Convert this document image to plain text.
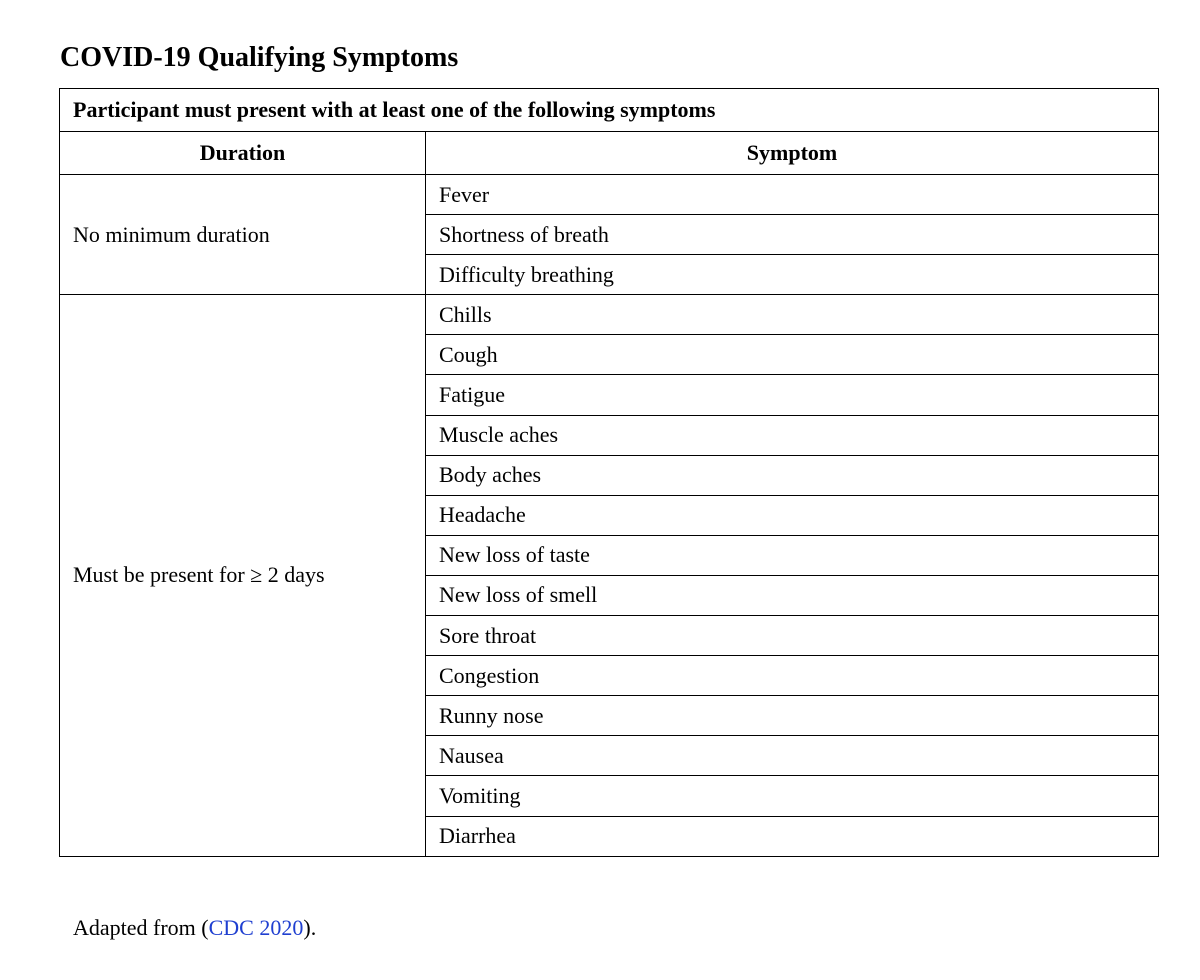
COVID-19 Qualifying Symptoms
Participant must present with at least one of the following symptoms	
Duration	Symptom
No minimum duration	Fever
	Shortness of breath
	Difficulty breathing
Must be present for ≥ 2 days	Chills
	Cough
	Fatigue
	Muscle aches
	Body aches
	Headache
	New loss of taste
	New loss of smell
	Sore throat
	Congestion
	Runny nose
	Nausea
	Vomiting
	Diarrhea

Adapted from (CDC 2020).
